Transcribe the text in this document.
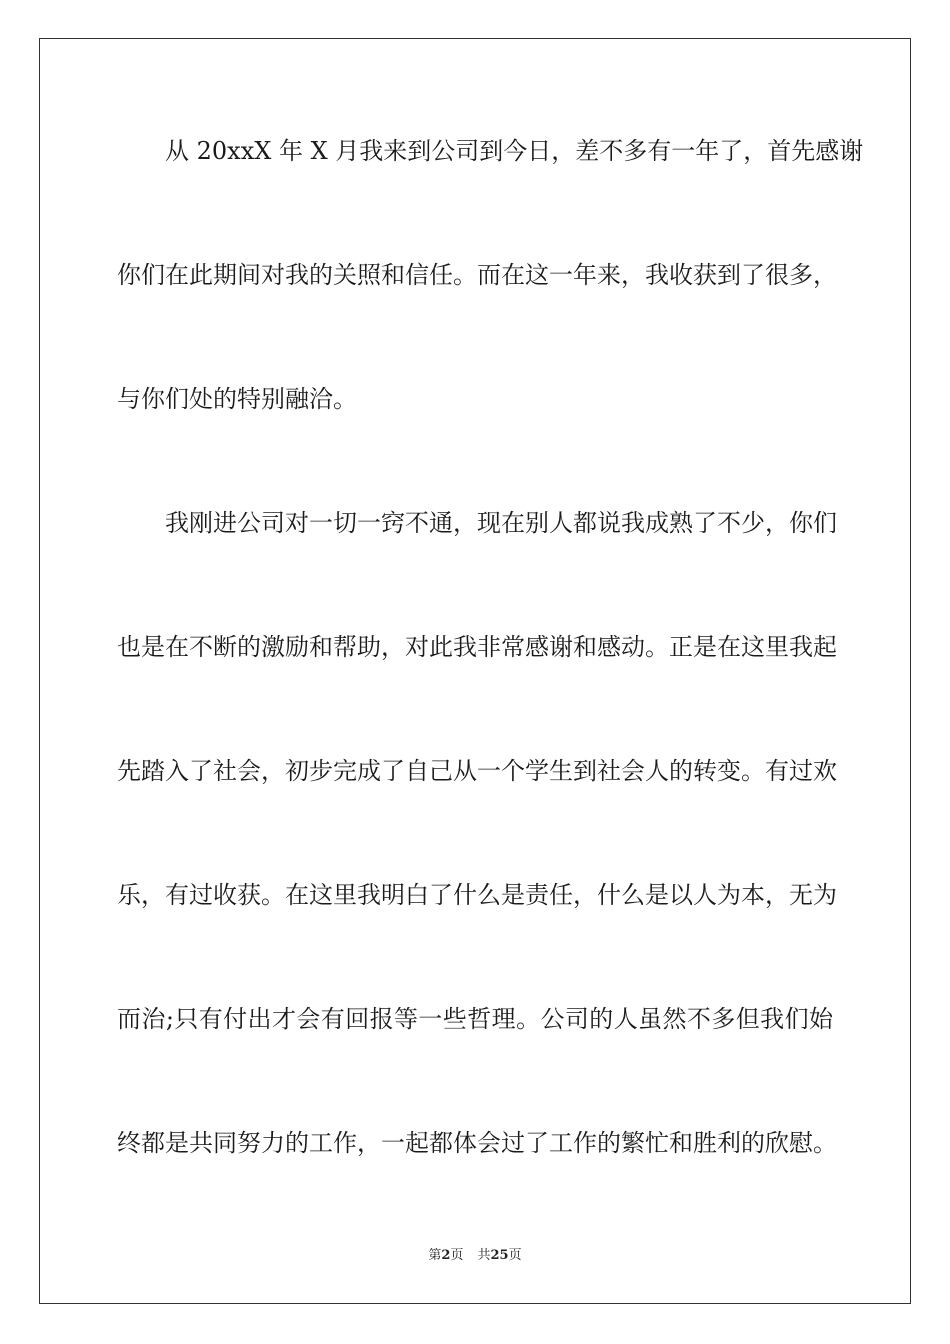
从 20xxX 年 X 月我来到公司到今日，差不多有一年了，首先感谢
你们在此期间对我的关照和信任。而在这一年来，我收获到了很多，
与你们处的特别融洽。
我刚进公司对一切一窍不通，现在别人都说我成熟了不少，你们
也是在不断的激励和帮助，对此我非常感谢和感动。正是在这里我起
先踏入了社会，初步完成了自己从一个学生到社会人的转变。有过欢
乐，有过收获。在这里我明白了什么是责任，什么是以人为本，无为
而治;只有付出才会有回报等一些哲理。公司的人虽然不多但我们始
终都是共同努力的工作，一起都体会过了工作的繁忙和胜利的欣慰。
第2页 共25页
